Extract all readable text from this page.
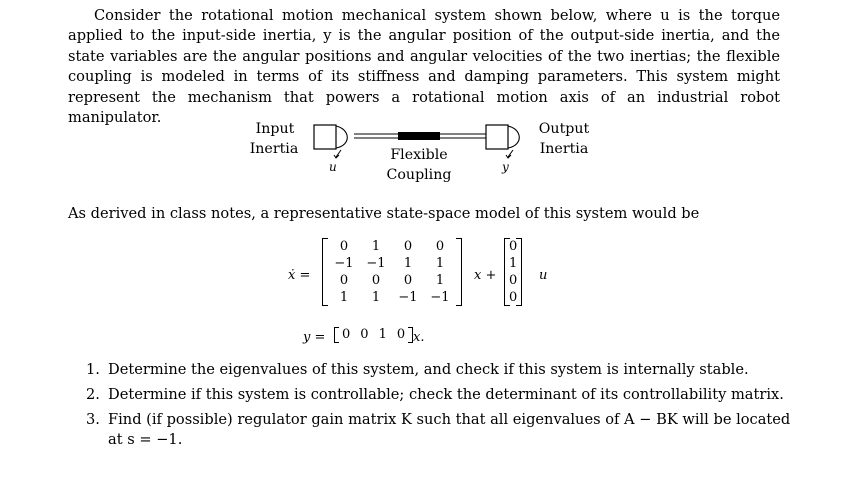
Consider the rotational motion mechanical system shown below, where u is the torque applied to the input-side inertia, y is the angular position of the output-side inertia, and the state variables are the angular positions and angular velocities of the two inertias; the flexible coupling is modeled in terms of its stiffness and damping parameters. This system might represent the mechanism that powers a rotational motion axis of an industrial robot manipulator.

Input
Inertia
Output
Inertia
Flexible
Coupling
u	y

As derived in class notes, a representative state-space model of this system would be

ẋ =
0	1	0	0
−1	−1	1	1
0	0	0	1
1	1	−1	−1
x +
0
1
0
0
u
y = 0	0	1	0 x.
1. Determine the eigenvalues of this system, and check if this system is internally stable.
2. Determine if this system is controllable; check the determinant of its controllability matrix.
3. Find (if possible) regulator gain matrix K such that all eigenvalues of A − BK will be located at s = −1.
